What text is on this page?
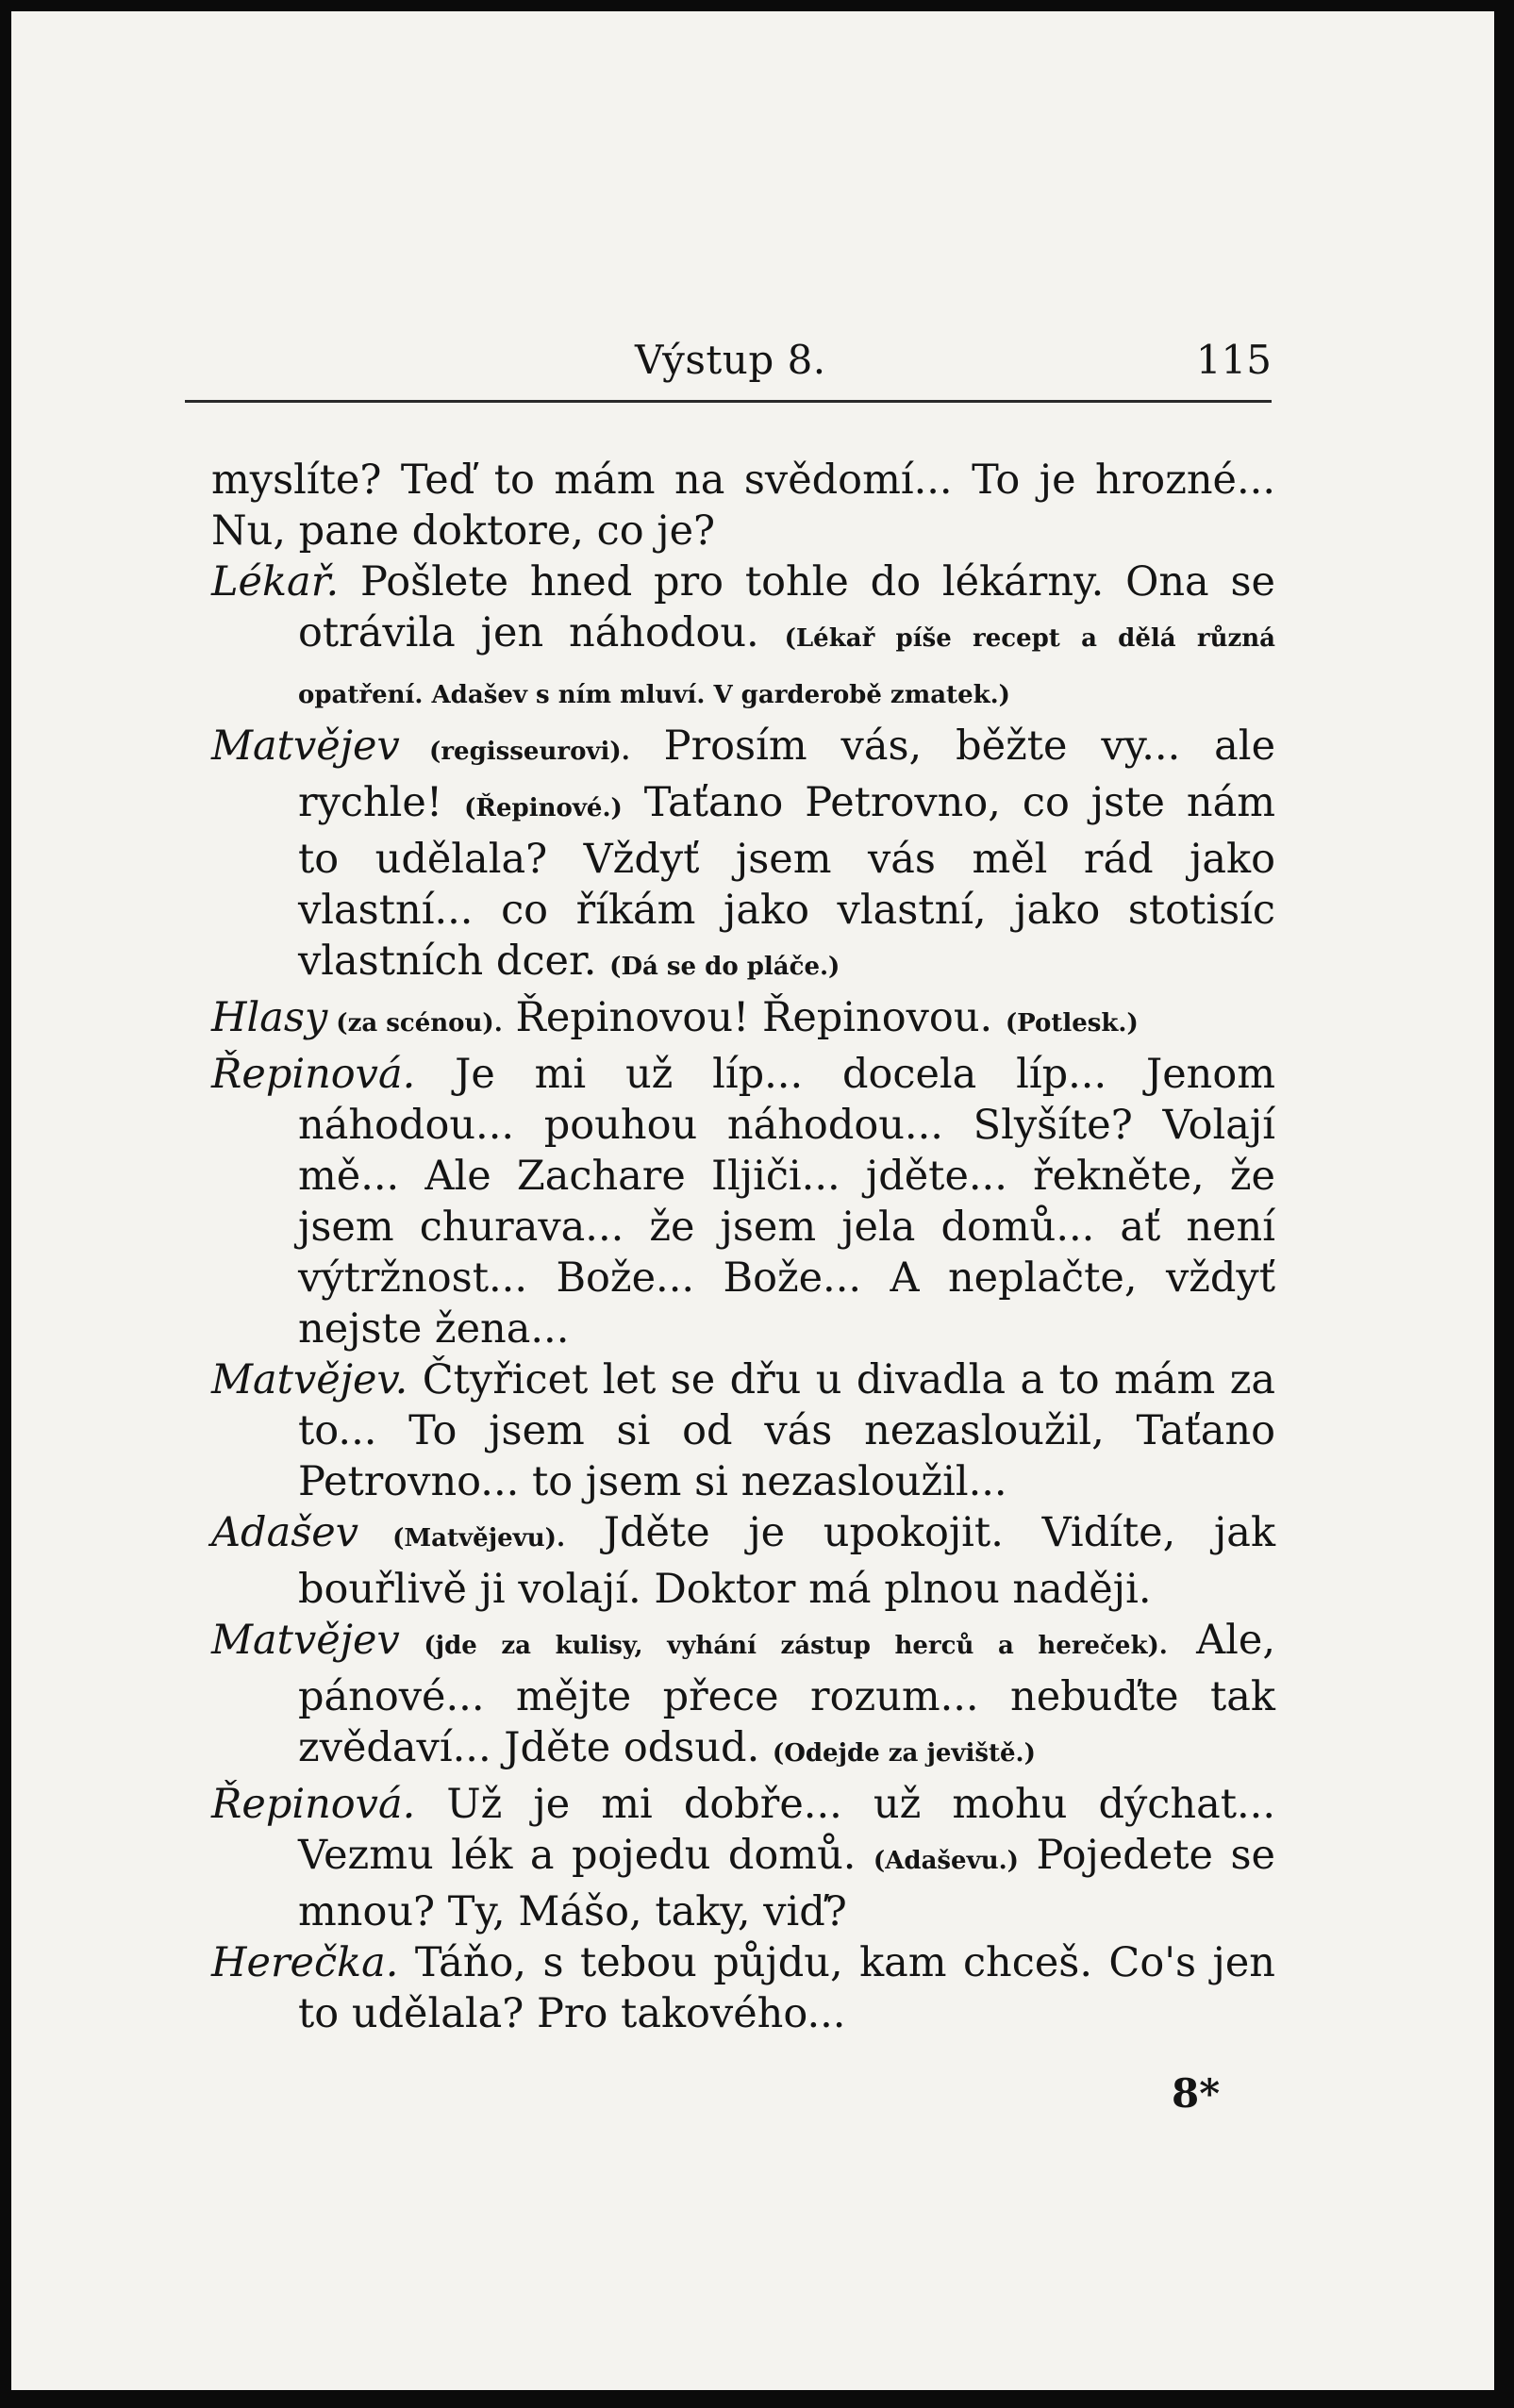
Výstup 8.	115

myslíte? Teď to mám na svědomí... To je hrozné... Nu, pane doktore, co je?

Lékař. Pošlete hned pro tohle do lékárny. Ona se otrávila jen náhodou. (Lékař píše recept a dělá různá opatření. Adašev s ním mluví. V garderobě zmatek.)

Matvějev (regisseurovi). Prosím vás, běžte vy... ale rychle! (Řepinové.) Taťano Petrovno, co jste nám to udělala? Vždyť jsem vás měl rád jako vlastní... co říkám jako vlastní, jako stotisíc vlastních dcer. (Dá se do pláče.)

Hlasy (za scénou). Řepinovou! Řepinovou. (Potlesk.)

Řepinová. Je mi už líp... docela líp... Jenom náhodou... pouhou náhodou... Slyšíte? Volají mě... Ale Zachare Iljiči... jděte... řekněte, že jsem churava... že jsem jela domů... ať není výtržnost... Bože... Bože... A neplačte, vždyť nejste žena...

Matvějev. Čtyřicet let se dřu u divadla a to mám za to... To jsem si od vás nezasloužil, Taťano Petrovno... to jsem si nezasloužil...

Adašev (Matvějevu). Jděte je upokojit. Vidíte, jak bouřlivě ji volají. Doktor má plnou naději.

Matvějev (jde za kulisy, vyhání zástup herců a hereček). Ale, pánové... mějte přece rozum... nebuďte tak zvědaví... Jděte odsud. (Odejde za jeviště.)

Řepinová. Už je mi dobře... už mohu dýchat... Vezmu lék a pojedu domů. (Adaševu.) Pojedete se mnou? Ty, Mášo, taky, viď?

Herečka. Táňo, s tebou půjdu, kam chceš. Co's jen to udělala? Pro takového...

8*
